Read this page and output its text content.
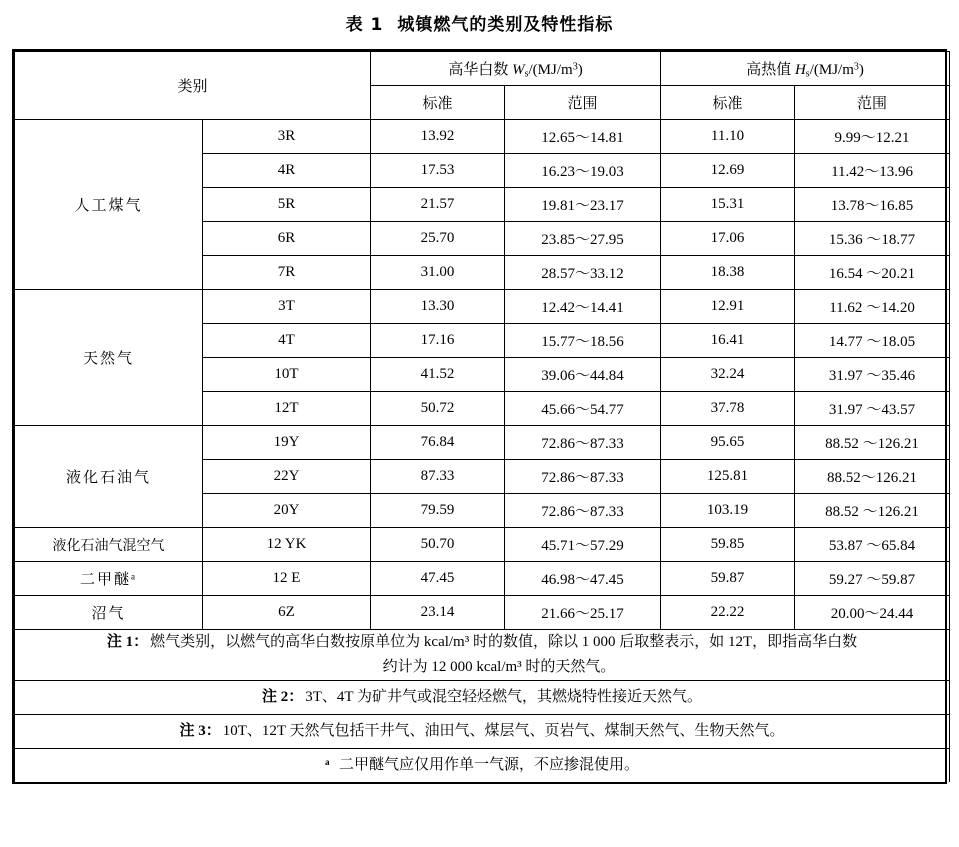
表 1 城镇燃气的类别及特性指标
类别		高华白数 $W_s/(MJ/m^3)$		高热值 $H_s/(MJ/m^3)$	
		标准	范围	标准	范围
人工煤气	3R	13.92	12.65～14.81	11.10	9.99～12.21
	4R	17.53	16.23～19.03	12.69	11.42～13.96
	5R	21.57	19.81～23.17	15.31	13.78～16.85
	6R	25.70	23.85～27.95	17.06	15.36 ～18.77
	7R	31.00	28.57～33.12	18.38	16.54 ～20.21
天然气	3T	13.30	12.42～14.41	12.91	11.62 ～14.20
	4T	17.16	15.77～18.56	16.41	14.77 ～18.05
	10T	41.52	39.06～44.84	32.24	31.97 ～35.46
	12T	50.72	45.66～54.77	37.78	31.97 ～43.57
液化石油气	19Y	76.84	72.86～87.33	95.65	88.52 ～126.21
	22Y	87.33	72.86～87.33	125.81	88.52～126.21
	20Y	79.59	72.86～87.33	103.19	88.52 ～126.21
液化石油气混空气	12 YK	50.70	45.71～57.29	59.85	53.87 ～65.84
二甲醚$^a$	12 E	47.45	46.98～47.45	59.87	59.27 ～59.87
沼气	6Z	23.14	21.66～25.17	22.22	20.00～24.44
注 1： 燃气类别，以燃气的高华白数按原单位为 kcal/m³ 时的数值，除以 1 000 后取整表示，如 12T，即指高华白数
约计为 12 000 kcal/m³ 时的天然气。					

注 2： 3T、4T 为矿井气或混空轻烃燃气，其燃烧特性接近天然气。					
注 3： 10T、12T 天然气包括干井气、油田气、煤层气、页岩气、煤制天然气、生物天然气。					
ᵃ 二甲醚气应仅用作单一气源，不应掺混使用。					
